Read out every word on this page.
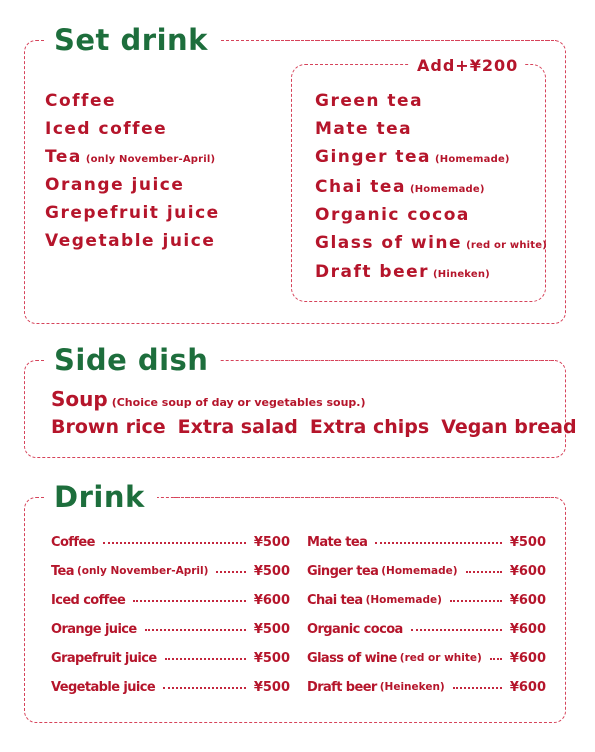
Set drink
Coffee
Iced coffee
Tea (only November-April)
Orange juice
Grepefruit juice
Vegetable juice
Add+¥200
Green tea
Mate tea
Ginger tea (Homemade)
Chai tea (Homemade)
Organic cocoa
Glass of wine (red or white)
Draft beer (Hineken)
Side dish
Soup (Choice soup of day or vegetables soup.)
Brown rice Extra salad Extra chips Vegan bread
Drink
Coffee	¥500
Tea (only November-April)	¥500
Iced coffee	¥600
Orange juice	¥500
Grapefruit juice	¥500
Vegetable juice	¥500
Mate tea	¥500
Ginger tea (Homemade)	¥600
Chai tea (Homemade)	¥600
Organic cocoa	¥600
Glass of wine (red or white) ¥600
Draft beer (Heineken)	¥600
